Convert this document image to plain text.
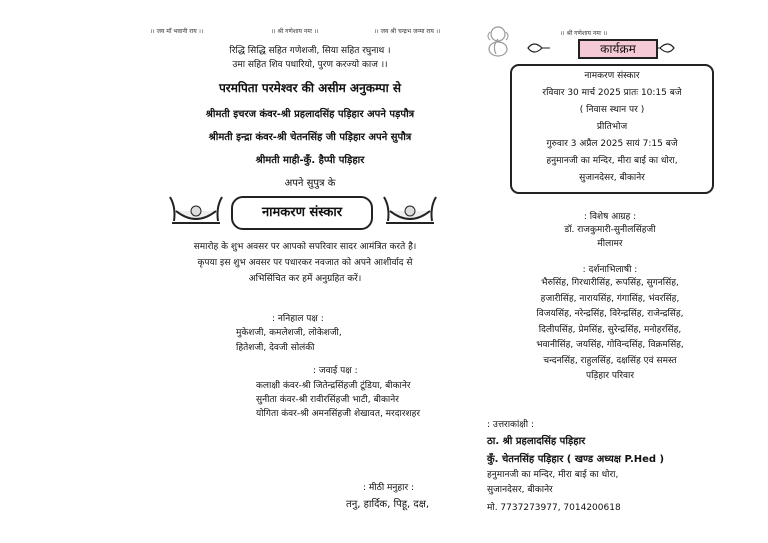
।। जय माँ भवानी राय ।।	।। श्री गणेशाय नमः ।।	।। जय श्री चन्द्रभ जन्मा राय ।।
रिद्धि सिद्धि सहित गणेशजी, सिया सहित रघुनाथ ।
उमा सहित शिव पधारियो, पुरण करज्यो काज ।।
परमपिता परमेश्वर की असीम अनुकम्पा से
श्रीमती इचरज कंवर-श्री प्रहलादसिंह पड़िहार अपने पड़पौत्र
श्रीमती इन्द्रा कंवर-श्री चेतनसिंह जी पड़िहार अपने सुपौत्र
श्रीमती माही-कुँ. हैप्पी पड़िहार
अपने सुपुत्र के
नामकरण संस्कार
समारोह के शुभ अवसर पर आपको सपरिवार सादर आमंत्रित करते है।
कृपया इस शुभ अवसर पर पधारकर नवजात को अपने आशीर्वाद से
अभिसिंचित कर हमें अनुग्रहित करें।
: ननिहाल पक्ष :
मुकेशजी, कमलेशजी, लोकेशजी,
हितेशजी, देवजी सोलंकी
: जवाई पक्ष :
कलाक्षी कंवर-श्री जितेन्द्रसिंहजी टूंडिया, बीकानेर
सुनीता कंवर-श्री रावीरसिंहजी भाटी, बीकानेर
योगिता कंवर-श्री अमनसिंहजी शेखावत, मरदारशहर
: मीठी मनुहार :
तनु, हार्दिक, पिहू, दक्ष,
।। श्री गणेशाय नमः ।।
कार्यक्रम
नामकरण संस्कार
रविवार 30 मार्च 2025 प्रातः 10:15 बजे
( निवास स्थान पर )
प्रीतिभोज
गुरुवार 3 अप्रैल 2025 सायं 7:15 बजे
हनुमानजी का मन्दिर, मीरा बाई का धोरा,
सुजानदेसर, बीकानेर
: विशेष आग्रह :
डॉ. राजकुमारी-सुनीलसिंहजी
मीलामर
: दर्शनाभिलाषी :
भैरुसिंह, गिरधारीसिंह, रूपसिंह, सुगनसिंह,
हजारीसिंह, नारायसिंह, गंगासिंह, भंवरसिंह,
विजयसिंह, नरेन्द्रसिंह, विरेन्द्रसिंह, राजेन्द्रसिंह,
दिलीपसिंह, प्रेमसिंह, सुरेन्द्रसिंह, मनोहरसिंह,
भवानीसिंह, जयसिंह, गोविन्दसिंह, विक्रमसिंह,
चन्दनसिंह, राहुलसिंह, दक्षसिंह एवं समस्त
पड़िहार परिवार
: उत्तराकांक्षी :
ठा. श्री प्रहलादसिंह पड़िहार
कुँ. चेतनसिंह पड़िहार ( खण्ड अध्यक्ष P.Hed )
हनुमानजी का मन्दिर, मीरा बाई का धोरा,
सुजानदेसर, बीकानेर
मो. 7737273977, 7014200618
